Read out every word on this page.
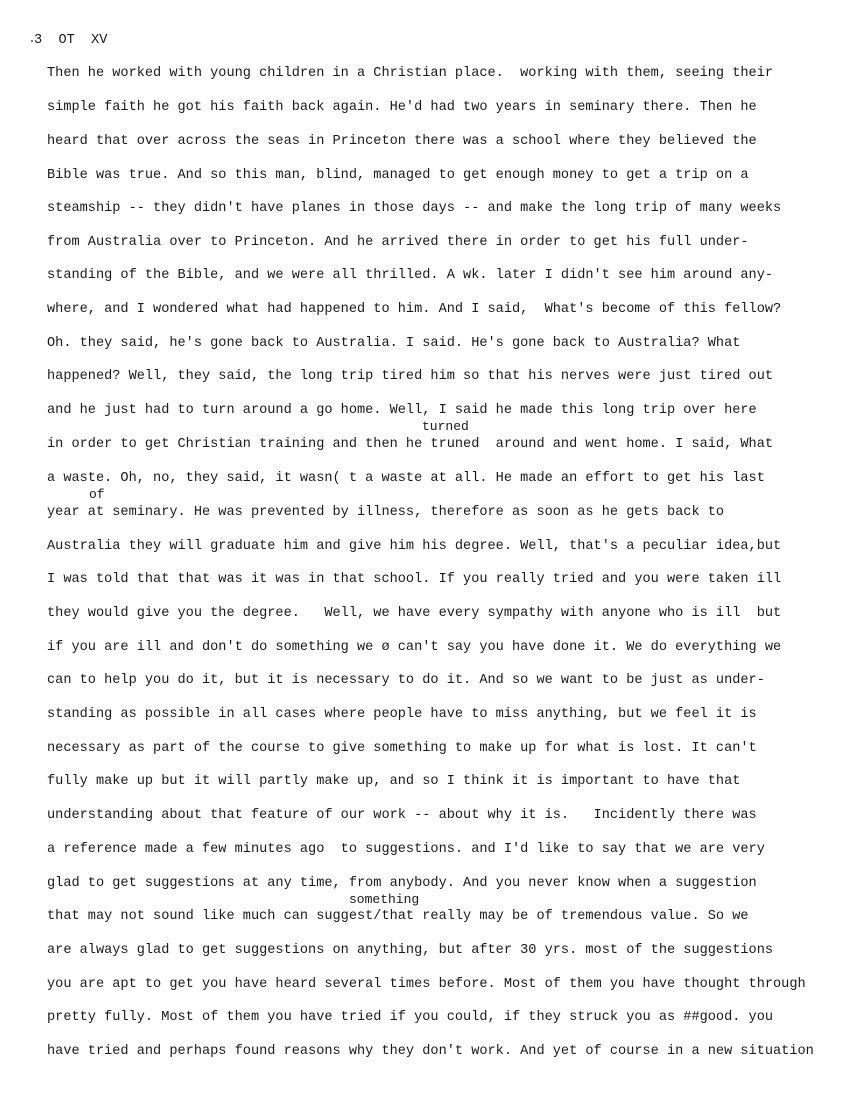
3  OT  XV
Then he worked with young children in a Christian place.  working with them, seeing their
simple faith he got his faith back again. He'd had two years in seminary there. Then he
heard that over across the seas in Princeton there was a school where they believed the
Bible was true. And so this man, blind, managed to get enough money to get a trip on a
steamship -- they didn't have planes in those days -- and make the long trip of many weeks
from Australia over to Princeton. And he arrived there in order to get his full under-
standing of the Bible, and we were all thrilled. A wk. later I didn't see him around any-
where, and I wondered what had happened to him. And I said,  What's become of this fellow?
Oh. they said, he's gone back to Australia. I said. He's gone back to Australia? What
happened? Well, they said, the long trip tired him so that his nerves were just tired out
and he just had to turn around a go home. Well, I said he made this long trip over here
turned
in order to get Christian training and then he truned  around and went home. I said, What
a waste. Oh, no, they said, it wasn( t a waste at all. He made an effort to get his last
of
year at seminary. He was prevented by illness, therefore as soon as he gets back to
Australia they will graduate him and give him his degree. Well, that's a peculiar idea,but
I was told that that was it was in that school. If you really tried and you were taken ill
they would give you the degree.   Well, we have every sympathy with anyone who is ill  but
if you are ill and don't do something we ø can't say you have done it. We do everything we
can to help you do it, but it is necessary to do it. And so we want to be just as under-
standing as possible in all cases where people have to miss anything, but we feel it is
necessary as part of the course to give something to make up for what is lost. It can't
fully make up but it will partly make up, and so I think it is important to have that
understanding about that feature of our work -- about why it is.   Incidently there was
a reference made a few minutes ago  to suggestions. and I'd like to say that we are very
glad to get suggestions at any time, from anybody. And you never know when a suggestion
something
that may not sound like much can suggest/that really may be of tremendous value. So we
are always glad to get suggestions on anything, but after 30 yrs. most of the suggestions
you are apt to get you have heard several times before. Most of them you have thought through
pretty fully. Most of them you have tried if you could, if they struck you as ##good. you
have tried and perhaps found reasons why they don't work. And yet of course in a new situation
